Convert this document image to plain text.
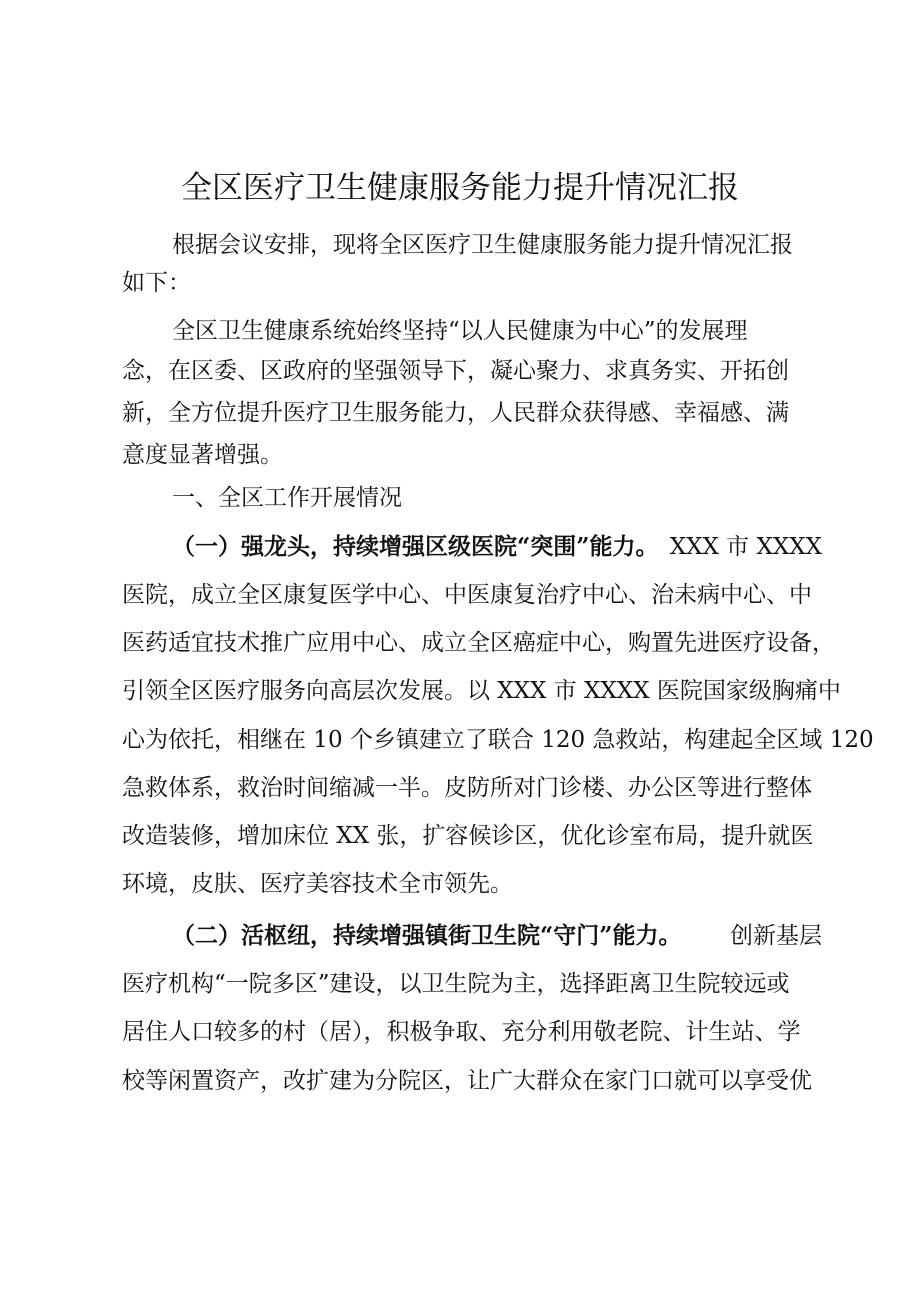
全区医疗卫生健康服务能力提升情况汇报
根据会议安排，现将全区医疗卫生健康服务能力提升情况汇报
如下：
全区卫生健康系统始终坚持“以人民健康为中心”的发展理
念，在区委、区政府的坚强领导下，凝心聚力、求真务实、开拓创
新，全方位提升医疗卫生服务能力，人民群众获得感、幸福感、满
意度显著增强。
一、全区工作开展情况
（一）强龙头，持续增强区级医院“突围”能力。 XXX 市 XXXX
医院，成立全区康复医学中心、中医康复治疗中心、治未病中心、中
医药适宜技术推广应用中心、成立全区癌症中心，购置先进医疗设备，
引领全区医疗服务向高层次发展。以 XXX 市 XXXX 医院国家级胸痛中
心为依托，相继在 10 个乡镇建立了联合 120 急救站，构建起全区域 120
急救体系，救治时间缩减一半。皮防所对门诊楼、办公区等进行整体
改造装修，增加床位 XX 张，扩容候诊区，优化诊室布局，提升就医
环境，皮肤、医疗美容技术全市领先。
（二）活枢纽，持续增强镇街卫生院“守门”能力。 创新基层
医疗机构“一院多区”建设，以卫生院为主，选择距离卫生院较远或
居住人口较多的村（居），积极争取、充分利用敬老院、计生站、学
校等闲置资产，改扩建为分院区，让广大群众在家门口就可以享受优
